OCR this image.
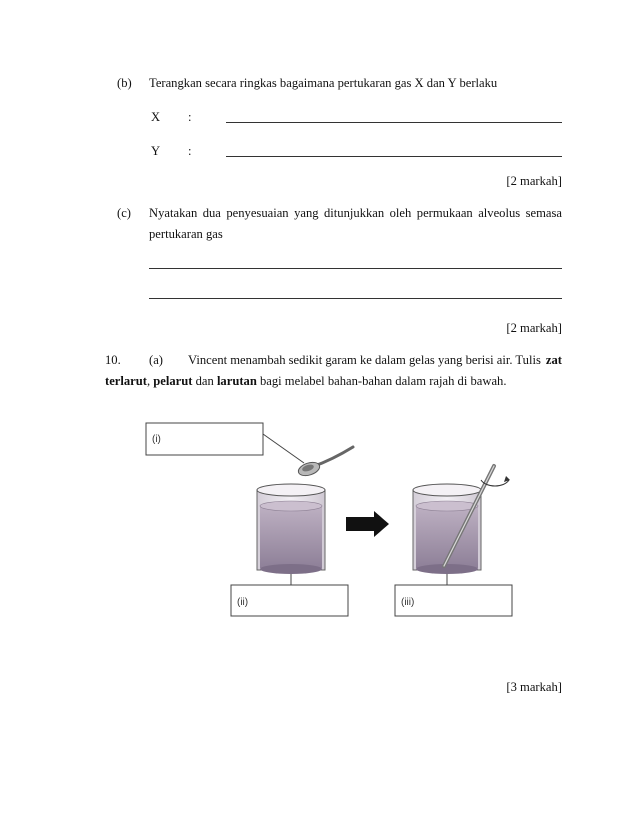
(b) Terangkan secara ringkas bagaimana pertukaran gas X dan Y berlaku
X :
Y :
[2 markah]
(c) Nyatakan dua penyesuaian yang ditunjukkan oleh permukaan alveolus semasa
pertukaran gas
[2 markah]
10. (a) Vincent menambah sedikit garam ke dalam gelas yang berisi air. Tulis zat
terlarut, pelarut dan larutan bagi melabel bahan-bahan dalam rajah di bawah.
(i)
(ii)	(iii)
[3 markah]
